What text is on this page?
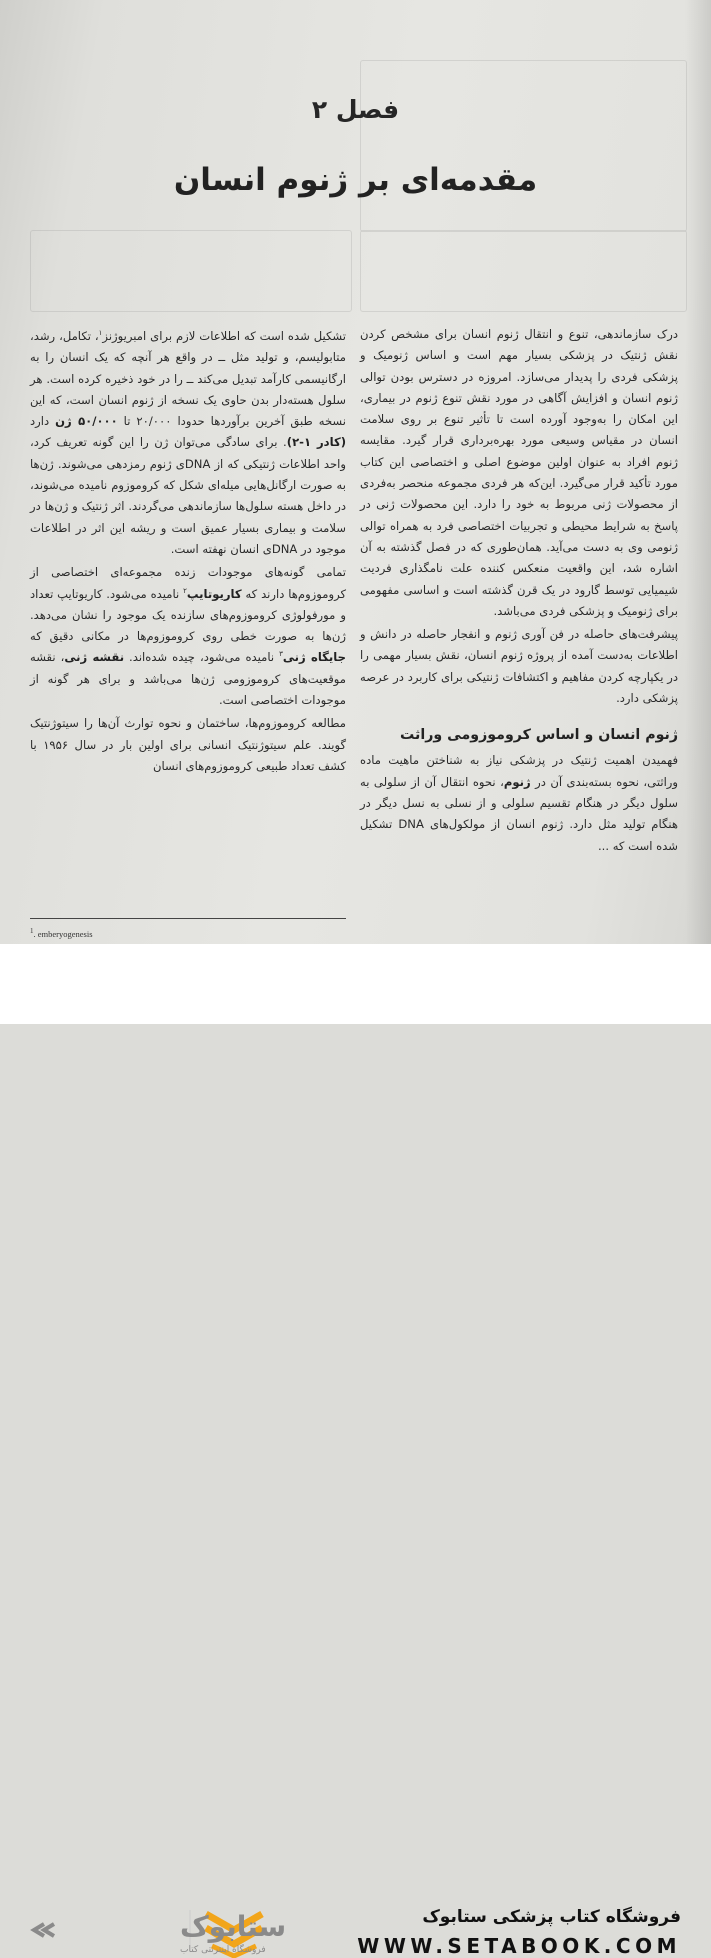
فصل ۲
مقدمه‌ای بر ژنوم انسان

درک سازماندهی، تنوع و انتقال ژنوم انسان برای مشخص کردن نقش ژنتیک در پزشکی بسیار مهم است و اساس ژنومیک و پزشکی فردی را پدیدار می‌سازد. امروزه در دسترس بودن توالی ژنوم انسان و افزایش آگاهی در مورد نقش تنوع ژنوم در بیماری، این امکان را به‌وجود آورده است تا تأثیر تنوع بر روی سلامت انسان در مقیاس وسیعی مورد بهره‌برداری قرار گیرد. مقایسه ژنوم افراد به عنوان اولین موضوع اصلی و اختصاصی این کتاب مورد تأکید قرار می‌گیرد. این‌که هر فردی مجموعه منحصر به‌فردی از محصولات ژنی مربوط به خود را دارد. این محصولات ژنی در پاسخ به شرایط محیطی و تجربیات اختصاصی فرد به همراه توالی ژنومی وی به دست می‌آید. همان‌طوری که در فصل گذشته به آن اشاره شد، این واقعیت منعکس کننده علت نامگذاری فردیت شیمیایی توسط گارود در یک قرن گذشته است و اساسی مفهومی برای ژنومیک و پزشکی فردی می‌باشد.

پیشرفت‌های حاصله در فن آوری ژنوم و انفجار حاصله در دانش و اطلاعات به‌دست آمده از پروژه ژنوم انسان، نقش بسیار مهمی را در یکپارچه کردن مفاهیم و اکتشافات ژنتیکی برای کاربرد در عرصه پزشکی دارد.

ژنوم انسان و اساس کروموزومی وراثت

فهمیدن اهمیت ژنتیک در پزشکی نیاز به شناختن ماهیت ماده وراثتی، نحوه بسته‌بندی آن در ژنوم، نحوه انتقال آن از سلولی به سلول دیگر در هنگام تقسیم سلولی و از نسلی به نسل دیگر در هنگام تولید مثل دارد. ژنوم انسان از مولکول‌های DNA تشکیل شده است که ...

تشکیل شده است که اطلاعات لازم برای امبریوژنز$^۱$، تکامل، رشد، متابولیسم، و تولید مثل ــ در واقع هر آنچه که یک انسان را به ارگانیسمی کارآمد تبدیل می‌کند ــ را در خود ذخیره کرده است. هر سلول هسته‌دار بدن حاوی یک نسخه از ژنوم انسان است، که این نسخه طبق آخرین برآوردها حدودا ۲۰/۰۰۰ تا ۵۰/۰۰۰ ژن دارد (کادر ۱-۲). برای سادگی می‌توان ژن را این گونه تعریف کرد، واحد اطلاعات ژنتیکی که از DNAی ژنوم رمزدهی می‌شوند. ژن‌ها به صورت ارگانل‌هایی میله‌ای شکل که کروموزوم نامیده می‌شوند، در داخل هسته سلول‌ها سازماندهی می‌گردند. اثر ژنتیک و ژن‌ها در سلامت و بیماری بسیار عمیق است و ریشه این اثر در اطلاعات موجود در DNAی انسان نهفته است.

تمامی گونه‌های موجودات زنده مجموعه‌ای اختصاصی از کروموزوم‌ها دارند که کاریوتایپ$^۲$ نامیده می‌شود. کاریوتایپ تعداد و مورفولوژی کروموزوم‌های سازنده یک موجود را نشان می‌دهد. ژن‌ها به صورت خطی روی کروموزوم‌ها در مکانی دقیق که جایگاه ژنی$^۳$ نامیده می‌شود، چیده شده‌اند. نقشه ژنی، نقشه موقعیت‌های کروموزومی ژن‌ها می‌باشد و برای هر گونه از موجودات اختصاصی است.

مطالعه کروموزوم‌ها، ساختمان و نحوه توارث آن‌ها را سیتوژنتیک گویند. علم سیتوژنتیک انسانی برای اولین بار در سال ۱۹۵۶ با کشف تعداد طبیعی کروموزوم‌های انسان

$^1$. emberyogenesis
ستابوک
فروشگاه اینترنتی کتاب
فروشگاه کتاب پزشکی ستابوک
WWW.SETABOOK.COM
